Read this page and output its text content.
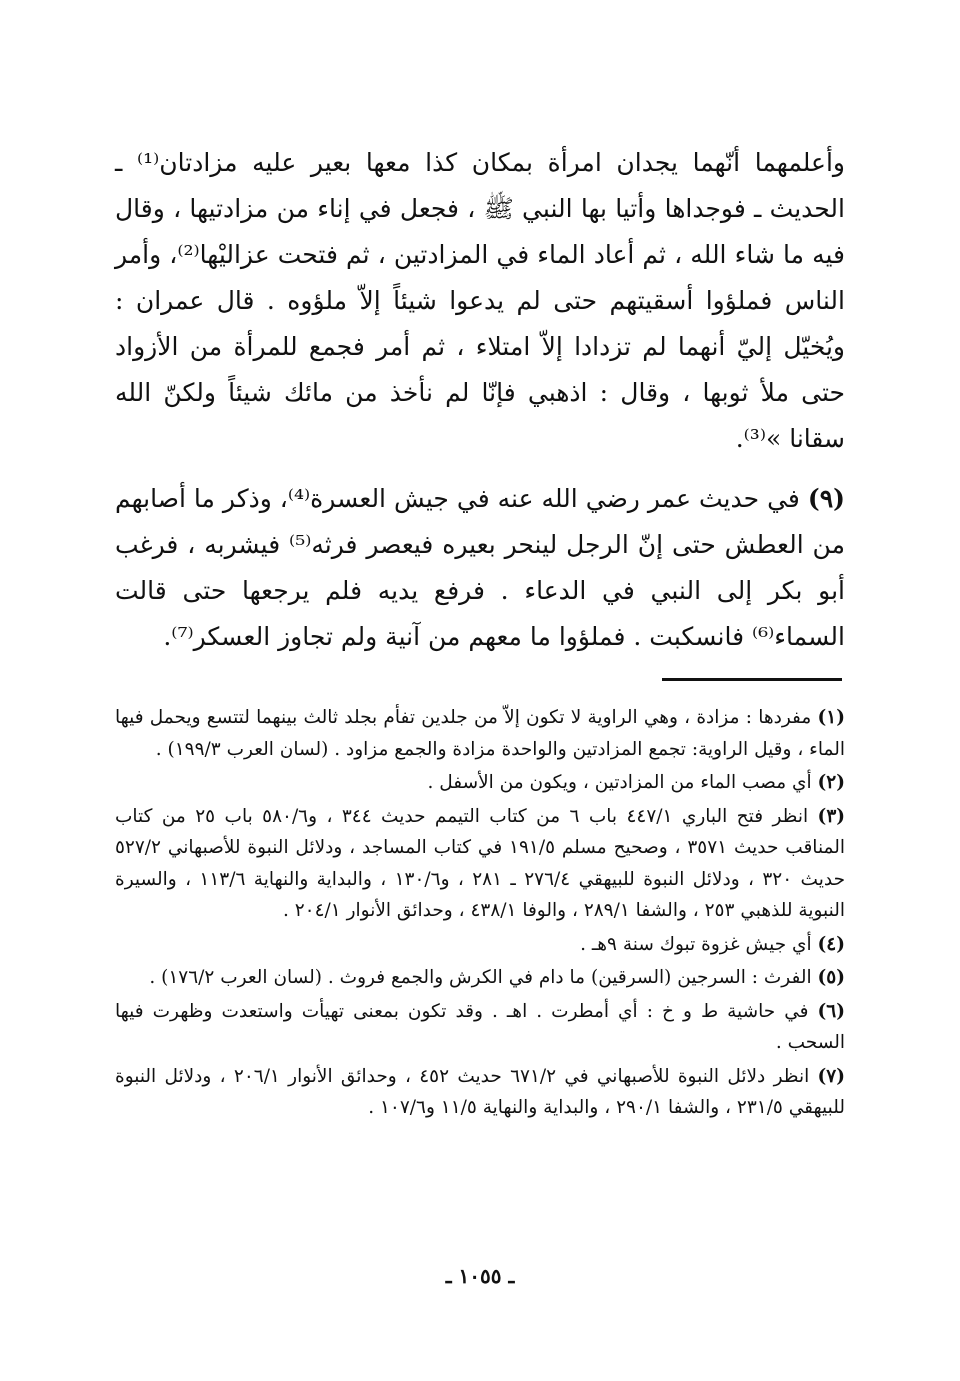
وأعلمهما أنّهما يجدان امرأة بمكان كذا معها بعير عليه مزادتان⁽¹⁾ ـ الحديث ـ فوجداها وأتيا بها النبي ﷺ ، فجعل في إناء من مزادتيها ، وقال فيه ما شاء الله ، ثم أعاد الماء في المزادتين ، ثم فتحت عزاليْها⁽²⁾، وأمر الناس فملؤوا أسقيتهم حتى لم يدعوا شيئاً إلاّ ملؤوه . قال عمران : ويُخيّل إليّ أنهما لم تزدادا إلاّ امتلاء ، ثم أمر فجمع للمرأة من الأزواد حتى ملأ ثوبها ، وقال : اذهبي فإنّا لم نأخذ من مائك شيئاً ولكنّ الله سقانا »⁽³⁾.

(٩) في حديث عمر رضي الله عنه في جيش العسرة⁽⁴⁾، وذكر ما أصابهم من العطش حتى إنّ الرجل لينحر بعيره فيعصر فرثه⁽⁵⁾ فيشربه ، فرغب أبو بكر إلى النبي في الدعاء . فرفع يديه فلم يرجعها حتى قالت السماء⁽⁶⁾ فانسكبت . فملؤوا ما معهم من آنية ولم تجاوز العسكر⁽⁷⁾.

(١) مفردها : مزادة ، وهي الراوية لا تكون إلاّ من جلدين تفأم بجلد ثالث بينهما لتتسع ويحمل فيها الماء ، وقيل الراوية: تجمع المزادتين والواحدة مزادة والجمع مزاود . (لسان العرب ١٩٩/٣) .

(٢) أي مصب الماء من المزادتين ، ويكون من الأسفل .

(٣) انظر فتح الباري ٤٤٧/١ باب ٦ من كتاب التيمم حديث ٣٤٤ ، و٥٨٠/٦ باب ٢٥ من كتاب المناقب حديث ٣٥٧١ ، وصحيح مسلم ١٩١/٥ في كتاب المساجد ، ودلائل النبوة للأصبهاني ٥٢٧/٢ حديث ٣٢٠ ، ودلائل النبوة للبيهقي ٢٧٦/٤ ـ ٢٨١ ، و١٣٠/٦ ، والبداية والنهاية ١١٣/٦ ، والسيرة النبوية للذهبي ٢٥٣ ، والشفا ٢٨٩/١ ، والوفا ٤٣٨/١ ، وحدائق الأنوار ٢٠٤/١ .

(٤) أي جيش غزوة تبوك سنة ٩هـ .

(٥) الفرث : السرجين (السرقين) ما دام في الكرش والجمع فروث . (لسان العرب ١٧٦/٢) .

(٦) في حاشية ط و خ : أي أمطرت . اهـ . وقد تكون بمعنى تهيأت واستعدت وظهرت فيها السحب .

(٧) انظر دلائل النبوة للأصبهاني في ٦٧١/٢ حديث ٤٥٢ ، وحدائق الأنوار ٢٠٦/١ ، ودلائل النبوة للبيهقي ٢٣١/٥ ، والشفا ٢٩٠/١ ، والبداية والنهاية ١١/٥ و١٠٧/٦ .

ـ ١٠٥٥ ـ
